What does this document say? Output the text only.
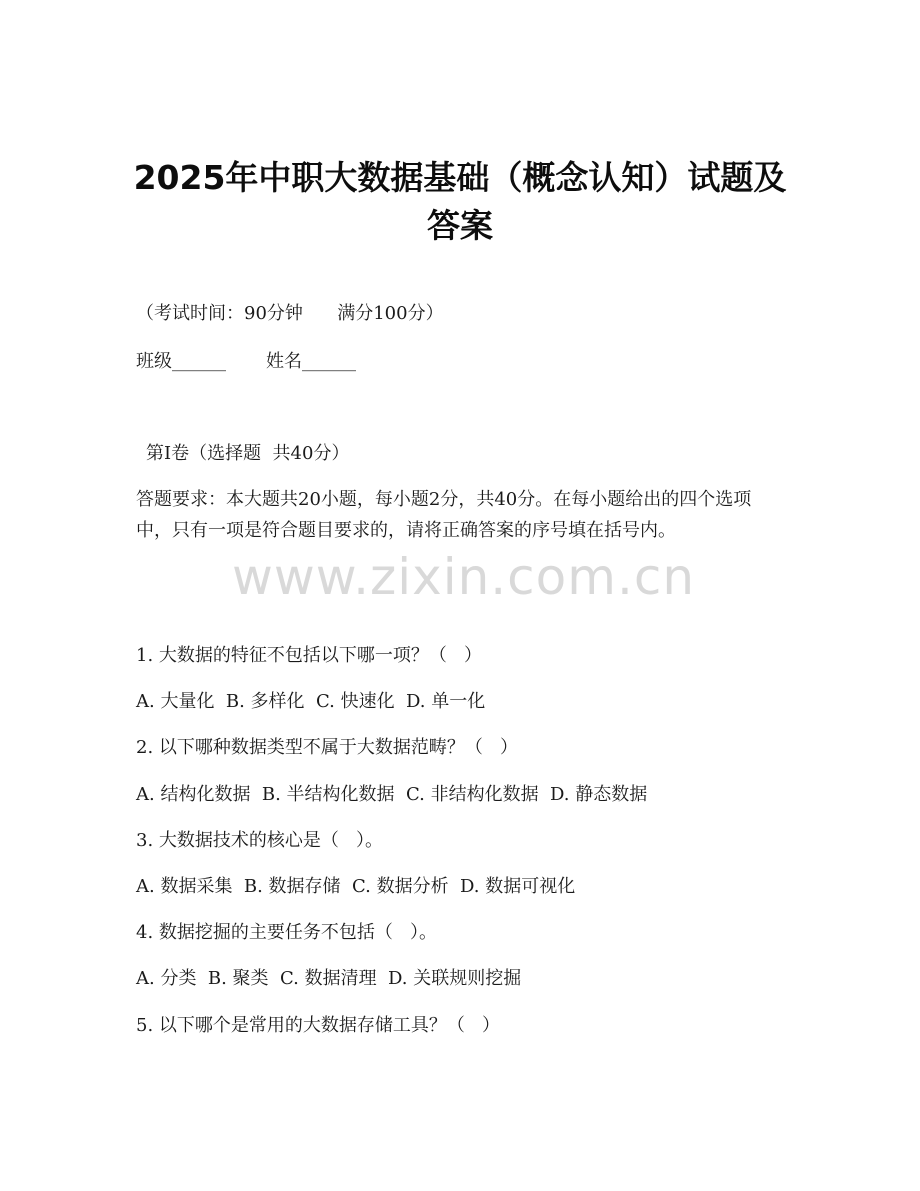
2025年中职大数据基础（概念认知）试题及
答案
（考试时间：90分钟      满分100分）
班级______       姓名______
第I卷（选择题  共40分）
答题要求：本大题共20小题，每小题2分，共40分。在每小题给出的四个选项中，只有一项是符合题目要求的，请将正确答案的序号填在括号内。
www.zixin.com.cn
1. 大数据的特征不包括以下哪一项？（   ）
A. 大量化  B. 多样化  C. 快速化  D. 单一化
2. 以下哪种数据类型不属于大数据范畴？（   ）
A. 结构化数据  B. 半结构化数据  C. 非结构化数据  D. 静态数据
3. 大数据技术的核心是（   ）。
A. 数据采集  B. 数据存储  C. 数据分析  D. 数据可视化
4. 数据挖掘的主要任务不包括（   ）。
A. 分类  B. 聚类  C. 数据清理  D. 关联规则挖掘
5. 以下哪个是常用的大数据存储工具？（   ）
